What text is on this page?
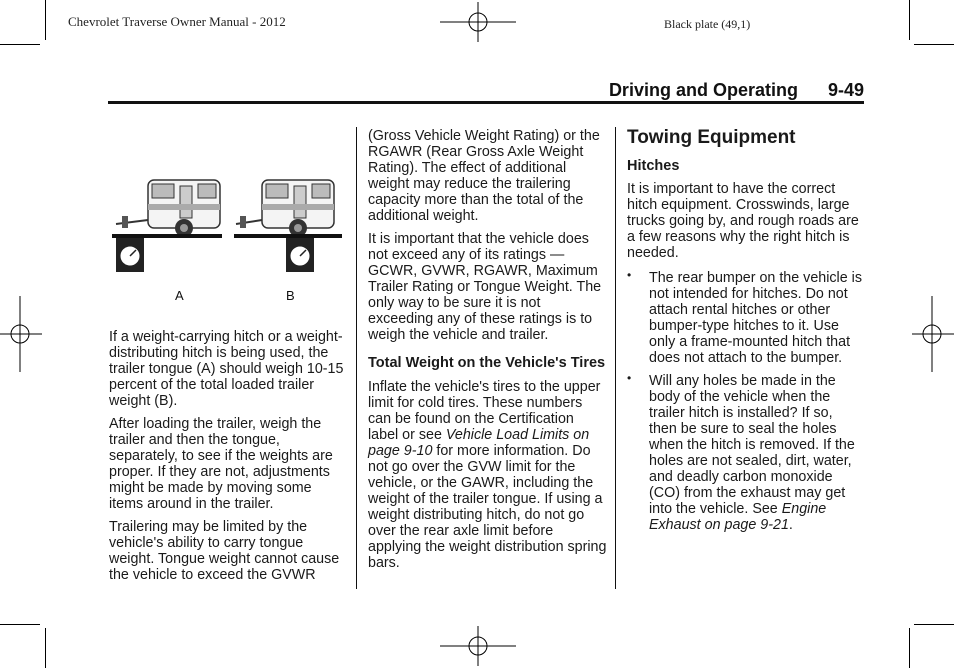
Chevrolet Traverse Owner Manual - 2012	Black plate (49,1)
Driving and Operating 9-49
A	B

If a weight-carrying hitch or a weight-distributing hitch is being used, the trailer tongue (A) should weigh 10-15 percent of the total loaded trailer weight (B).

After loading the trailer, weigh the trailer and then the tongue, separately, to see if the weights are proper. If they are not, adjustments might be made by moving some items around in the trailer.

Trailering may be limited by the vehicle's ability to carry tongue weight. Tongue weight cannot cause the vehicle to exceed the GVWR

(Gross Vehicle Weight Rating) or the RGAWR (Rear Gross Axle Weight Rating). The effect of additional weight may reduce the trailering capacity more than the total of the additional weight.

It is important that the vehicle does not exceed any of its ratings — GCWR, GVWR, RGAWR, Maximum Trailer Rating or Tongue Weight. The only way to be sure it is not exceeding any of these ratings is to weigh the vehicle and trailer.

Total Weight on the Vehicle's Tires

Inflate the vehicle's tires to the upper limit for cold tires. These numbers can be found on the Certification label or see Vehicle Load Limits on page 9-10 for more information. Do not go over the GVW limit for the vehicle, or the GAWR, including the weight of the trailer tongue. If using a weight distributing hitch, do not go over the rear axle limit before applying the weight distribution spring bars.

Towing Equipment
Hitches

It is important to have the correct hitch equipment. Crosswinds, large trucks going by, and rough roads are a few reasons why the right hitch is needed.

• The rear bumper on the vehicle is not intended for hitches. Do not attach rental hitches or other bumper-type hitches to it. Use only a frame-mounted hitch that does not attach to the bumper.
• Will any holes be made in the body of the vehicle when the trailer hitch is installed? If so, then be sure to seal the holes when the hitch is removed. If the holes are not sealed, dirt, water, and deadly carbon monoxide (CO) from the exhaust may get into the vehicle. See Engine Exhaust on page 9-21.
